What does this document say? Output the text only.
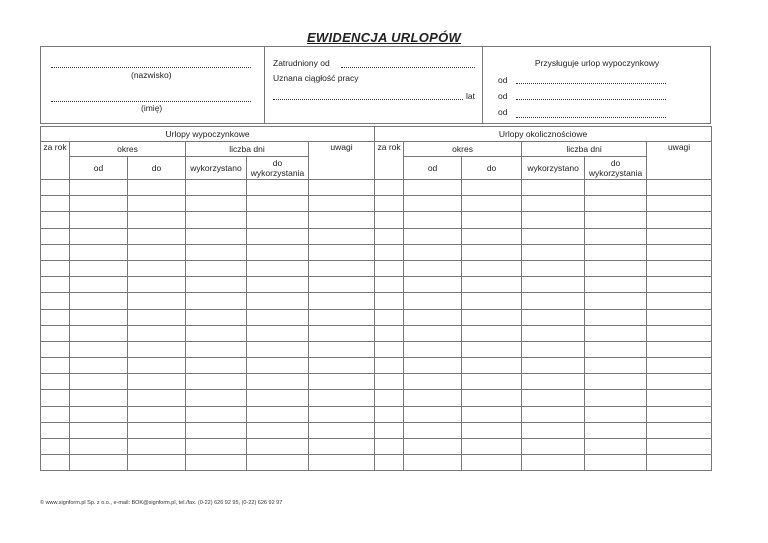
EWIDENCJA URLOPÓW
(nazwisko)
(imię)
Zatrudniony od
Uznana ciągłość pracy
lat
Przysługuje urlop wypoczynkowy
od
od
od
Urlopy wypoczynkowe						Urlopy okolicznościowe					
za rok	okres		liczba dni		uwagi	za rok	okres		liczba dni		uwagi
	od	do	wykorzystano	do wykorzystania			od	do	wykorzystano	do wykorzystania	

© www.signform.pl Sp. z o.o., e-mail: BOK@signform.pl, tel./fax. (0-22) 626 92 95, (0-22) 626 92 97
